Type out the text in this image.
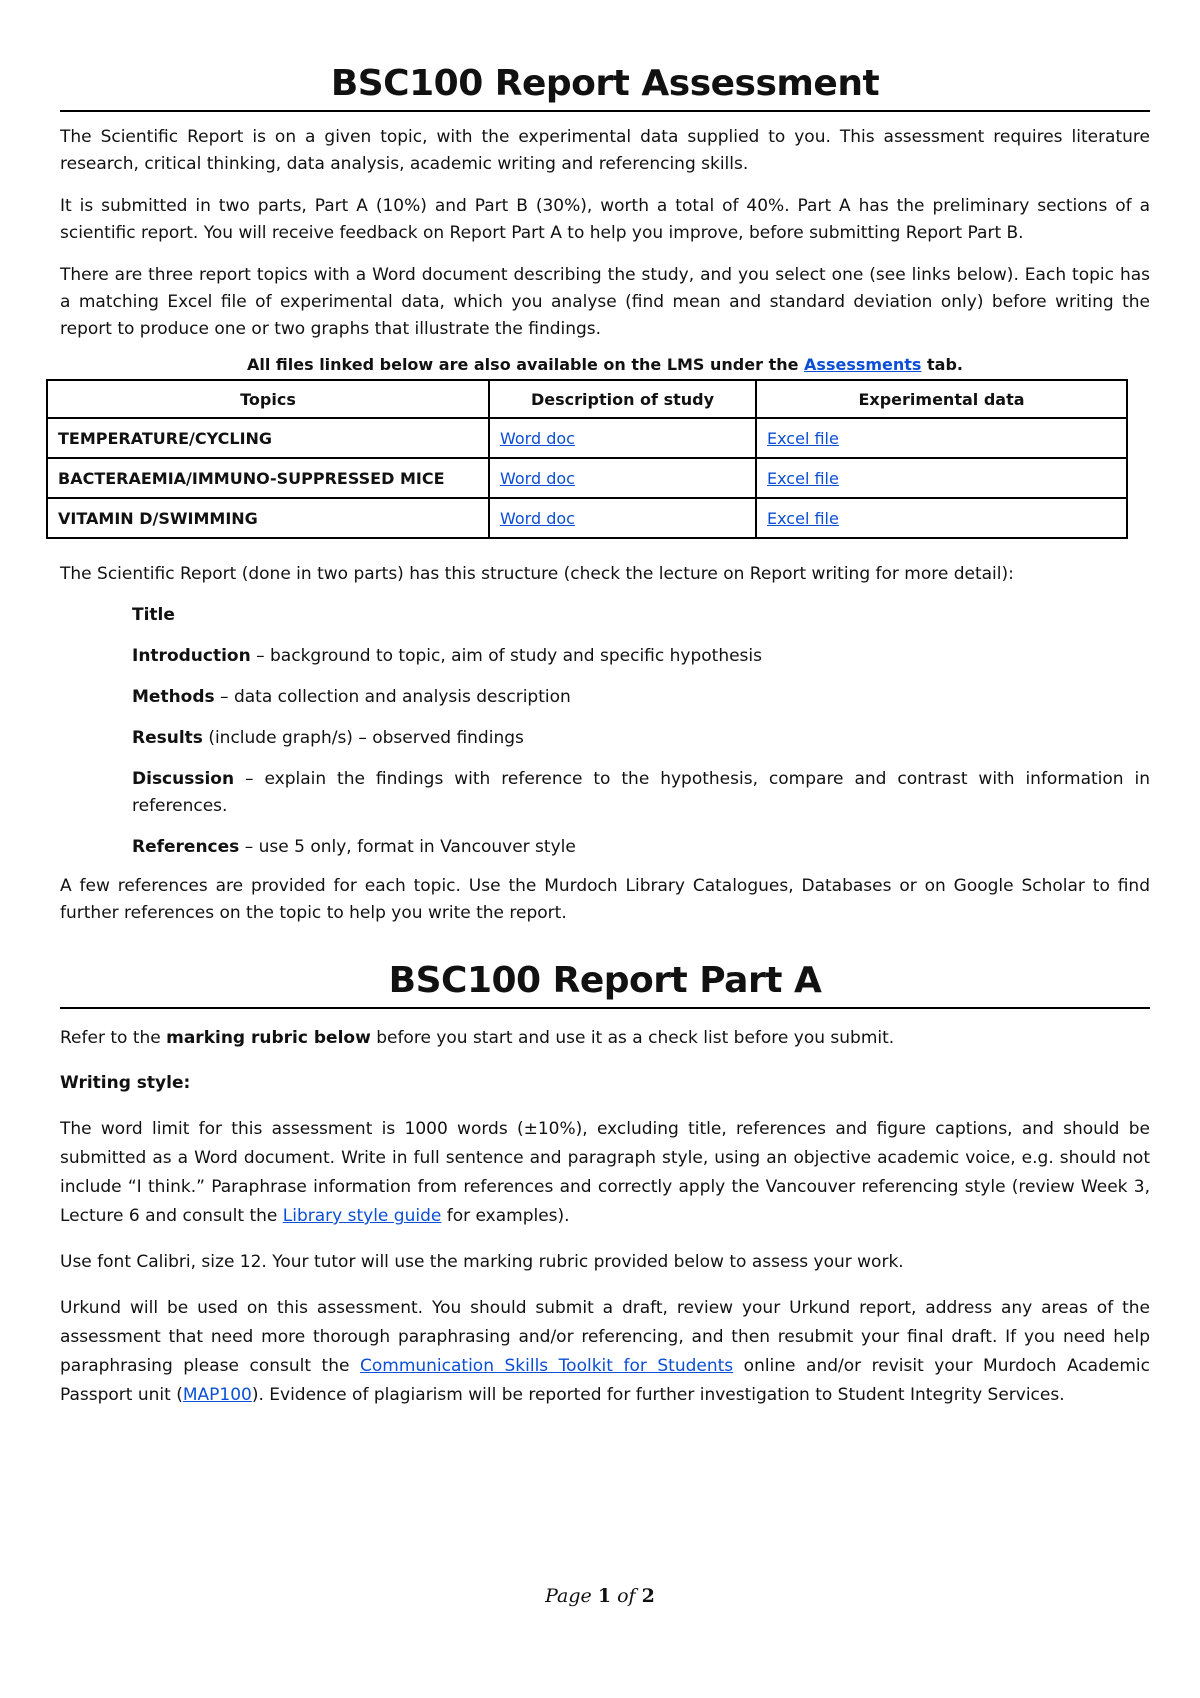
BSC100 Report Assessment

The Scientific Report is on a given topic, with the experimental data supplied to you. This assessment requires literature research, critical thinking, data analysis, academic writing and referencing skills.

It is submitted in two parts, Part A (10%) and Part B (30%), worth a total of 40%. Part A has the preliminary sections of a scientific report. You will receive feedback on Report Part A to help you improve, before submitting Report Part B.

There are three report topics with a Word document describing the study, and you select one (see links below). Each topic has a matching Excel file of experimental data, which you analyse (find mean and standard deviation only) before writing the report to produce one or two graphs that illustrate the findings.

All files linked below are also available on the LMS under the Assessments tab.
Topics	Description of study	Experimental data
TEMPERATURE/CYCLING	Word doc	Excel file
BACTERAEMIA/IMMUNO-SUPPRESSED MICE	Word doc	Excel file
VITAMIN D/SWIMMING	Word doc	Excel file

The Scientific Report (done in two parts) has this structure (check the lecture on Report writing for more detail):

Title

Introduction – background to topic, aim of study and specific hypothesis

Methods – data collection and analysis description

Results (include graph/s) – observed findings

Discussion – explain the findings with reference to the hypothesis, compare and contrast with information in references.

References – use 5 only, format in Vancouver style

A few references are provided for each topic. Use the Murdoch Library Catalogues, Databases or on Google Scholar to find further references on the topic to help you write the report.

BSC100 Report Part A

Refer to the marking rubric below before you start and use it as a check list before you submit.

Writing style:

The word limit for this assessment is 1000 words (±10%), excluding title, references and figure captions, and should be submitted as a Word document. Write in full sentence and paragraph style, using an objective academic voice, e.g. should not include “I think.” Paraphrase information from references and correctly apply the Vancouver referencing style (review Week 3, Lecture 6 and consult the Library style guide for examples).

Use font Calibri, size 12. Your tutor will use the marking rubric provided below to assess your work.

Urkund will be used on this assessment. You should submit a draft, review your Urkund report, address any areas of the assessment that need more thorough paraphrasing and/or referencing, and then resubmit your final draft. If you need help paraphrasing please consult the Communication Skills Toolkit for Students online and/or revisit your Murdoch Academic Passport unit (MAP100). Evidence of plagiarism will be reported for further investigation to Student Integrity Services.

Page 1 of 2
